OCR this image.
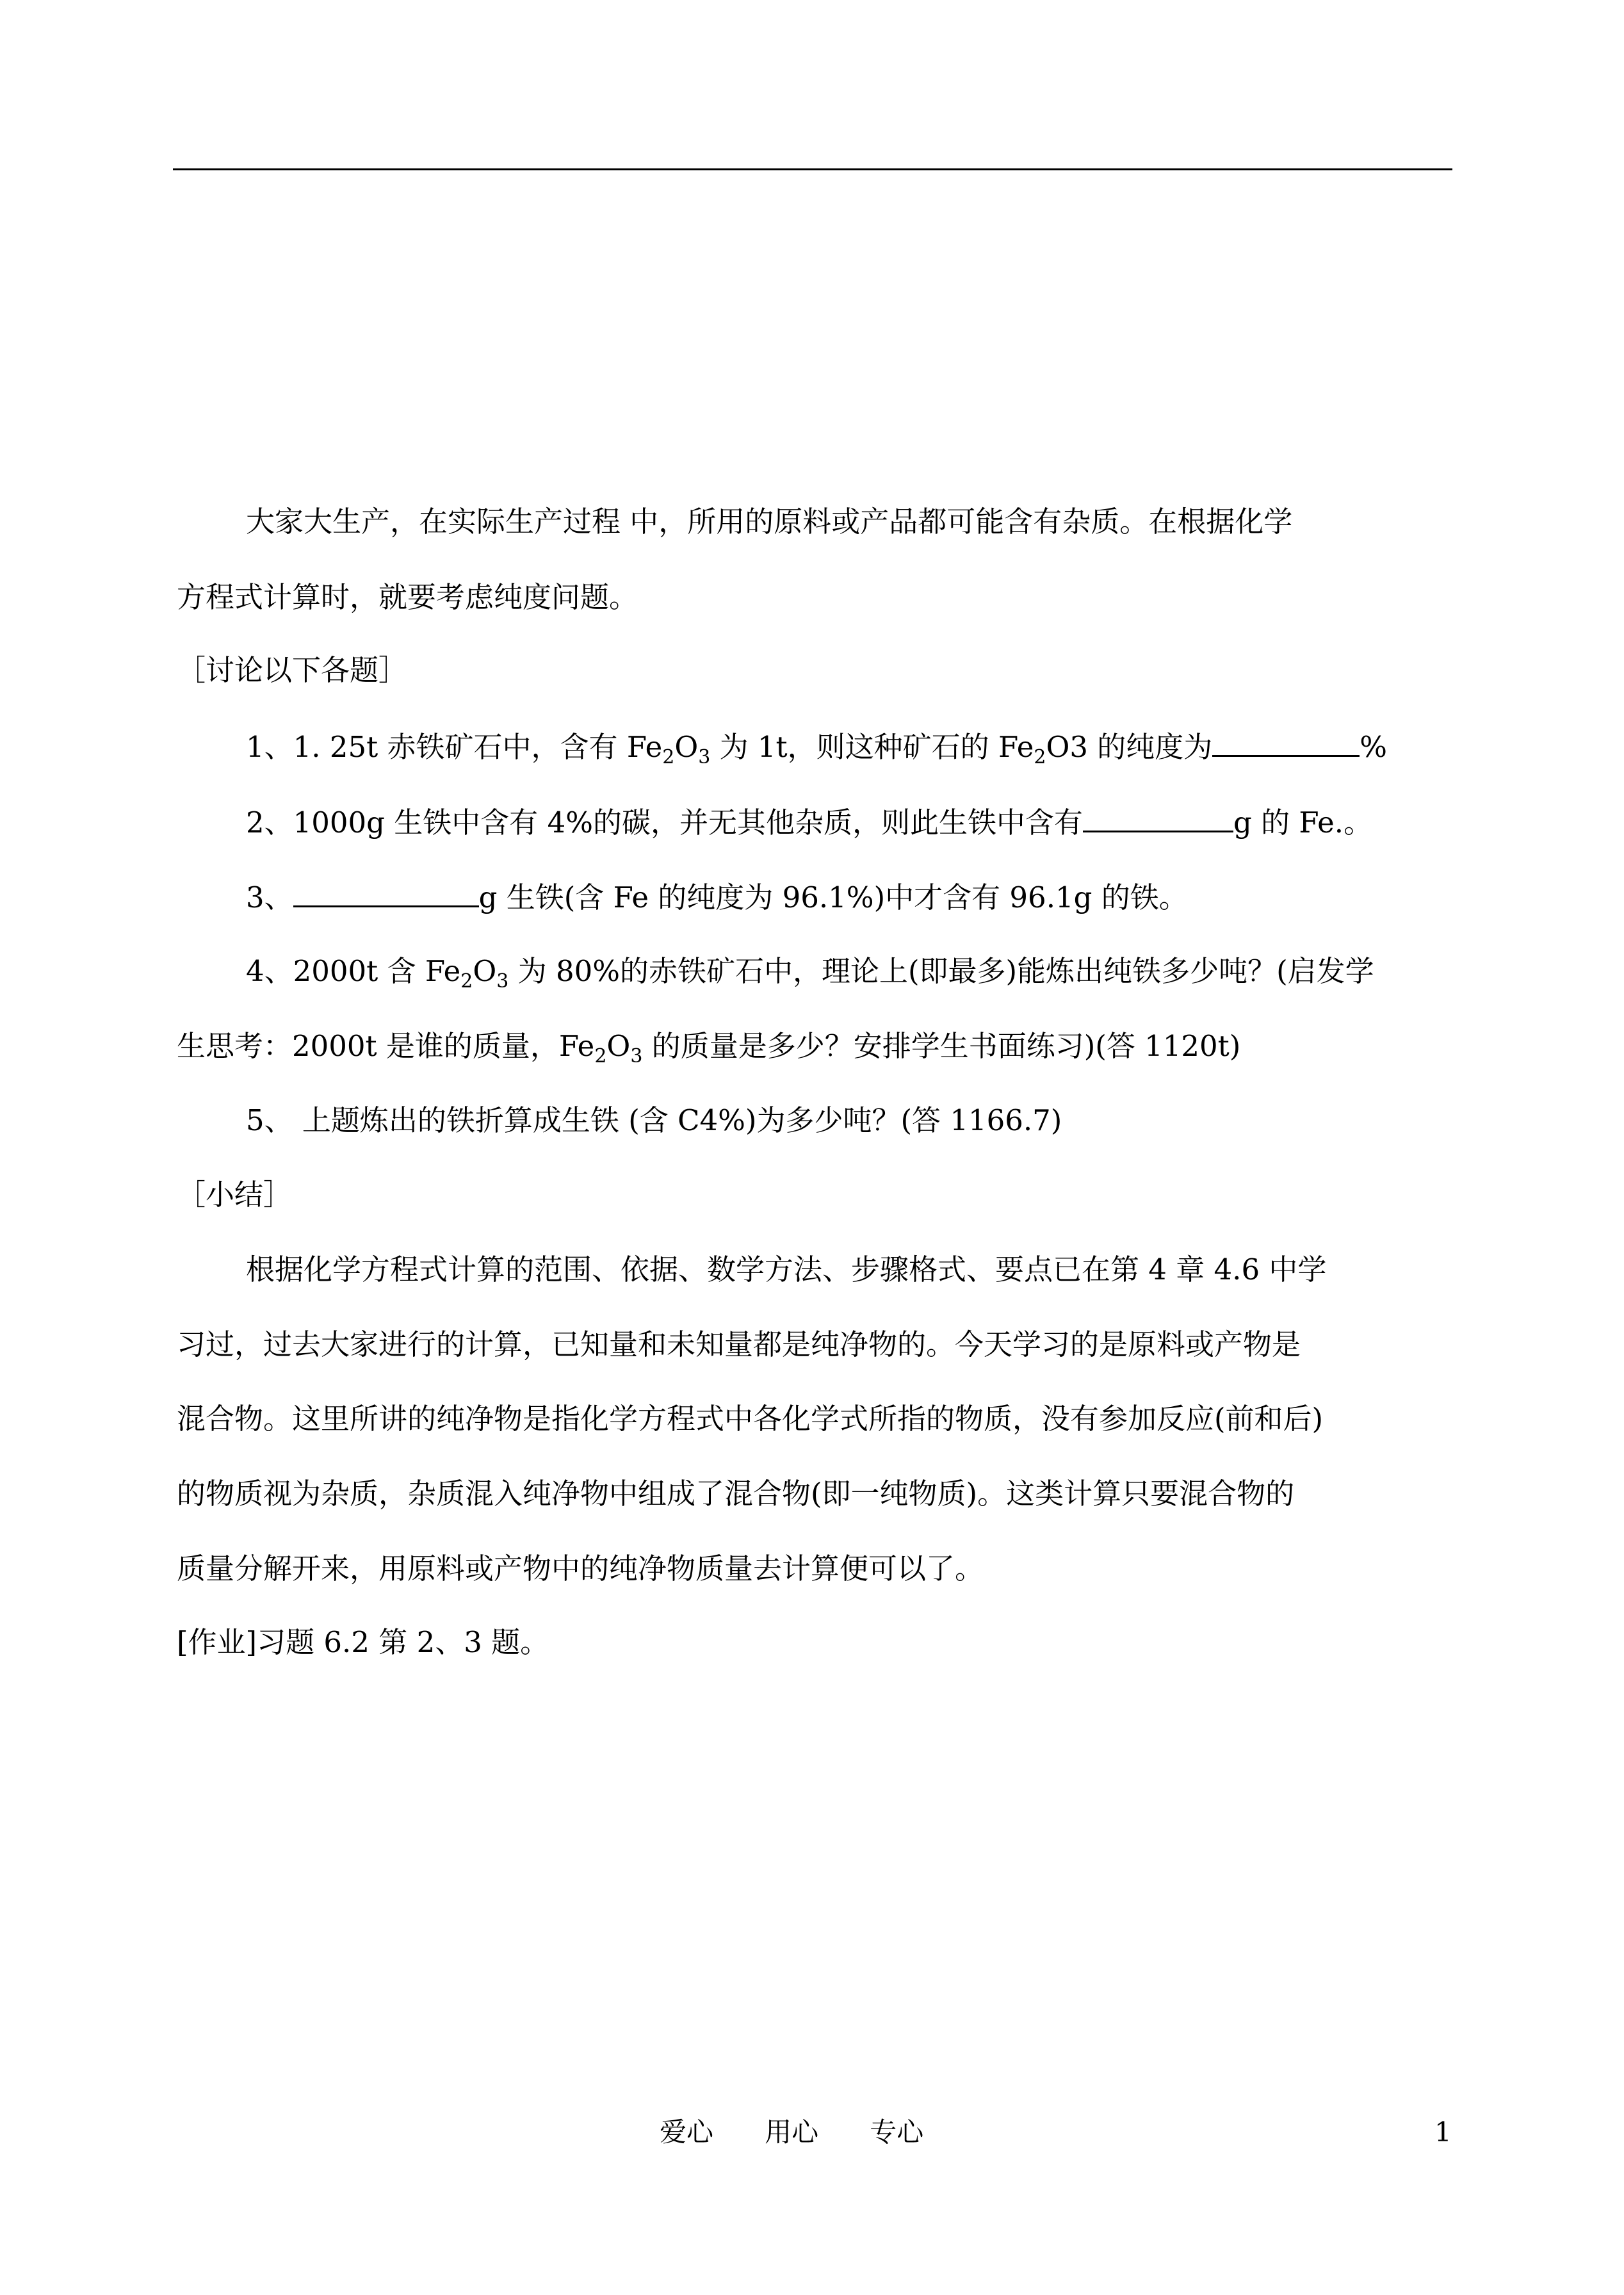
大家大生产，在实际生产过程 中，所用的原料或产品都可能含有杂质。在根据化学
方程式计算时，就要考虑纯度问题。
［讨论以下各题］
1、1. 25t 赤铁矿石中，含有 $Fe_2O_3$ 为 1t，则这种矿石的 $Fe_2O3$ 的纯度为	%
2、1000g 生铁中含有 4%的碳，并无其他杂质，则此生铁中含有	g 的 Fe.。
3、	g 生铁(含 Fe 的纯度为 96.1%)中才含有 96.1g 的铁。
4、2000t 含 $Fe_2O_3$ 为 80%的赤铁矿石中，理论上(即最多)能炼出纯铁多少吨？(启发学
生思考：2000t 是谁的质量，$Fe_2O_3$ 的质量是多少？安排学生书面练习)(答 1120t)
5、 上题炼出的铁折算成生铁 (含 C4%)为多少吨？(答 1166.7)
［小结］
根据化学方程式计算的范围、依据、数学方法、步骤格式、要点已在第 4 章 4.6 中学
习过，过去大家进行的计算，已知量和未知量都是纯净物的。今天学习的是原料或产物是
混合物。这里所讲的纯净物是指化学方程式中各化学式所指的物质，没有参加反应(前和后)
的物质视为杂质，杂质混入纯净物中组成了混合物(即一纯物质)。这类计算只要混合物的
质量分解开来，用原料或产物中的纯净物质量去计算便可以了。
[作业]习题 6.2 第 2、3 题。
爱心      用心      专心	1
